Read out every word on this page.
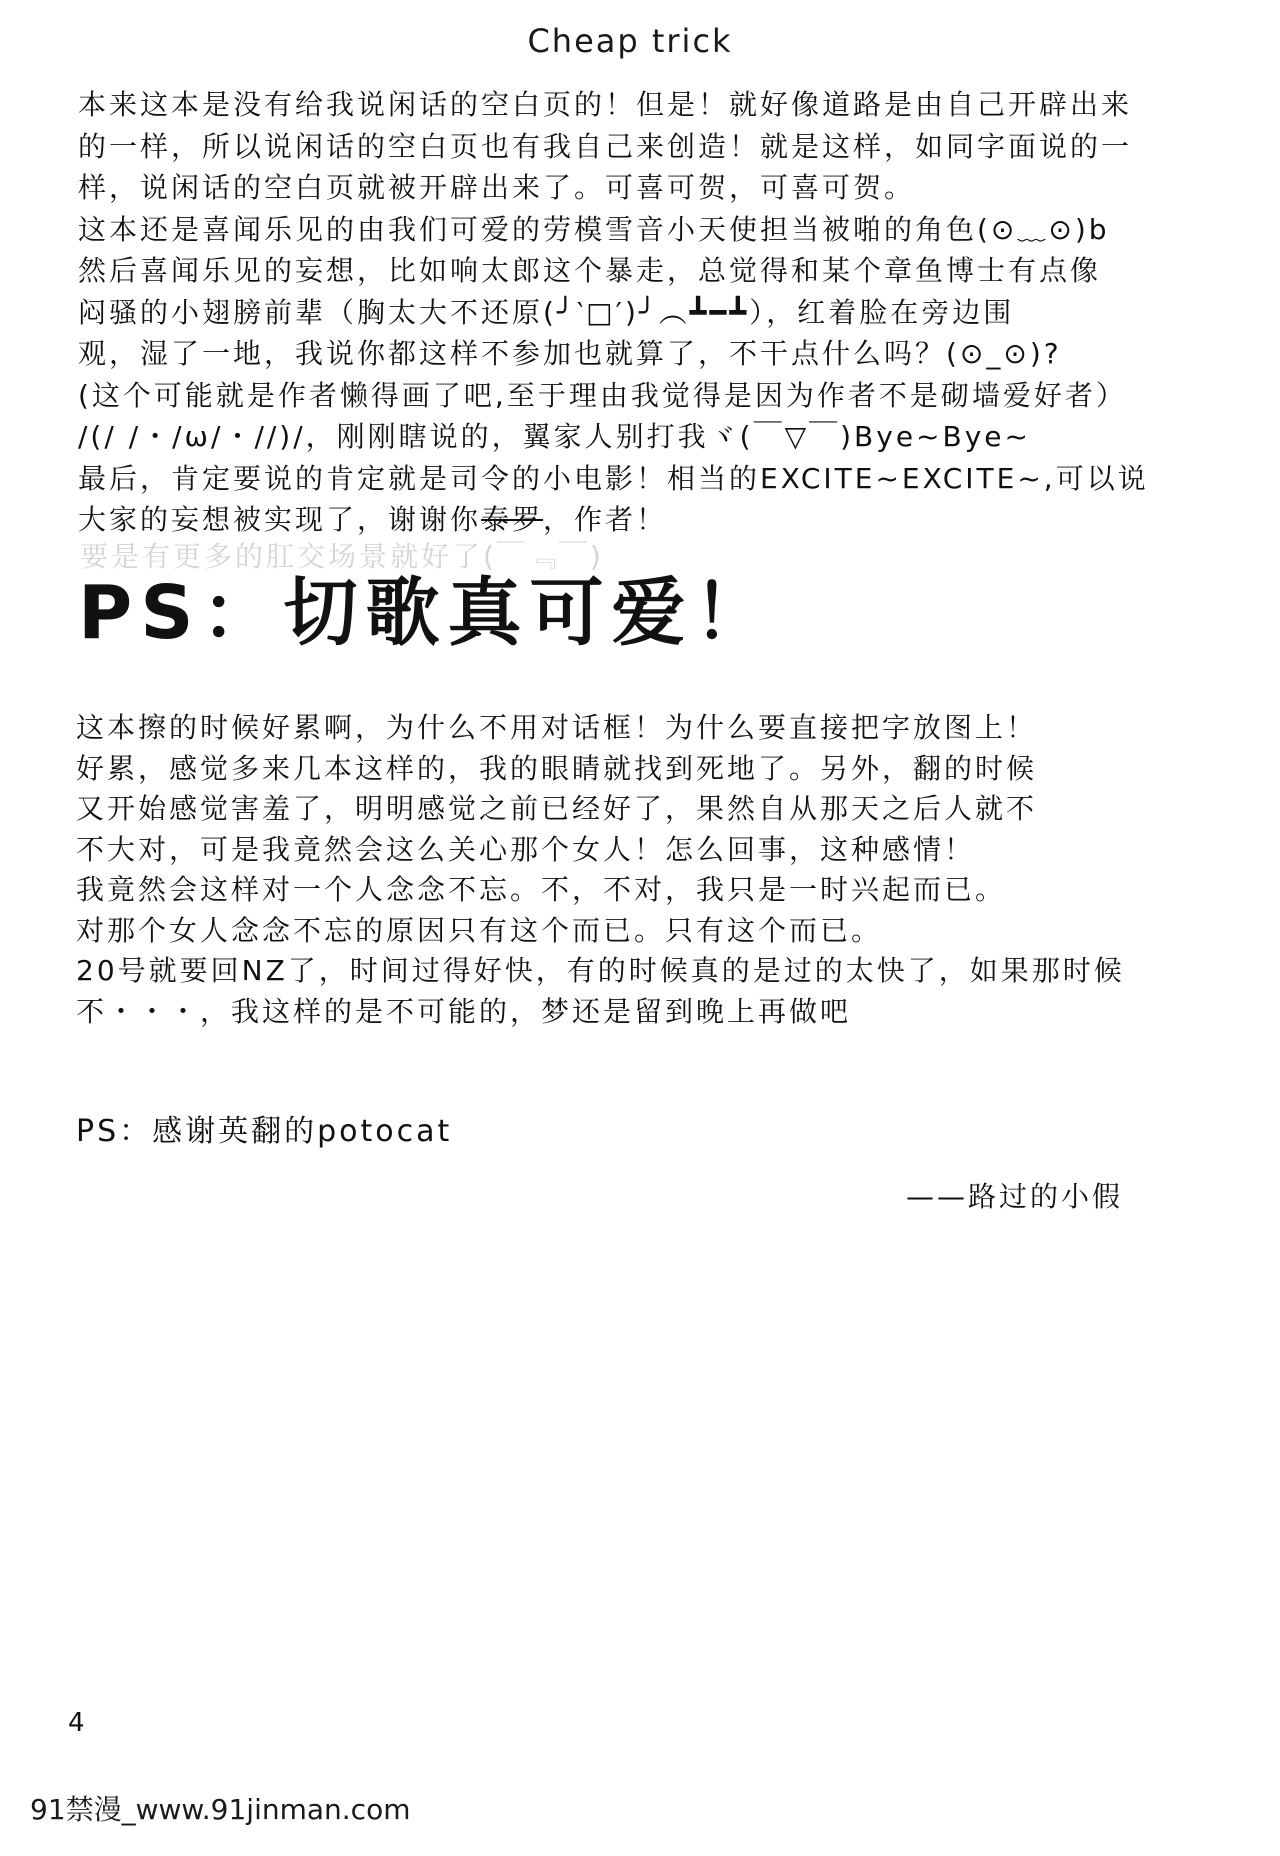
Cheap trick
本来这本是没有给我说闲话的空白页的！但是！就好像道路是由自己开辟出来
的一样，所以说闲话的空白页也有我自己来创造！就是这样，如同字面说的一
样，说闲话的空白页就被开辟出来了。可喜可贺，可喜可贺。
这本还是喜闻乐见的由我们可爱的劳模雪音小天使担当被啪的角色(⊙﹏⊙)b
然后喜闻乐见的妄想，比如响太郎这个暴走，总觉得和某个章鱼博士有点像
闷骚的小翅膀前辈（胸太大不还原(╯‵□′)╯︵┻━┻），红着脸在旁边围
观，湿了一地，我说你都这样不参加也就算了，不干点什么吗？(⊙_⊙)?
(这个可能就是作者懒得画了吧,至于理由我觉得是因为作者不是砌墙爱好者）
/(/ /・/ω/・//)/，刚刚瞎说的，翼家人别打我ヾ(￣▽￣)Bye~Bye~
最后，肯定要说的肯定就是司令的小电影！相当的EXCITE~EXCITE~,可以说
大家的妄想被实现了，谢谢你泰罗，作者！
要是有更多的肛交场景就好了(￣﹃￣)
PS：切歌真可爱！
这本擦的时候好累啊，为什么不用对话框！为什么要直接把字放图上！
好累，感觉多来几本这样的，我的眼睛就找到死地了。另外，翻的时候
又开始感觉害羞了，明明感觉之前已经好了，果然自从那天之后人就不
不大对，可是我竟然会这么关心那个女人！怎么回事，这种感情！
我竟然会这样对一个人念念不忘。不，不对，我只是一时兴起而已。
对那个女人念念不忘的原因只有这个而已。只有这个而已。
20号就要回NZ了，时间过得好快，有的时候真的是过的太快了，如果那时候
不・・・，我这样的是不可能的，梦还是留到晚上再做吧
PS：感谢英翻的potocat
——路过的小假
4
91禁漫_www.91jinman.com
